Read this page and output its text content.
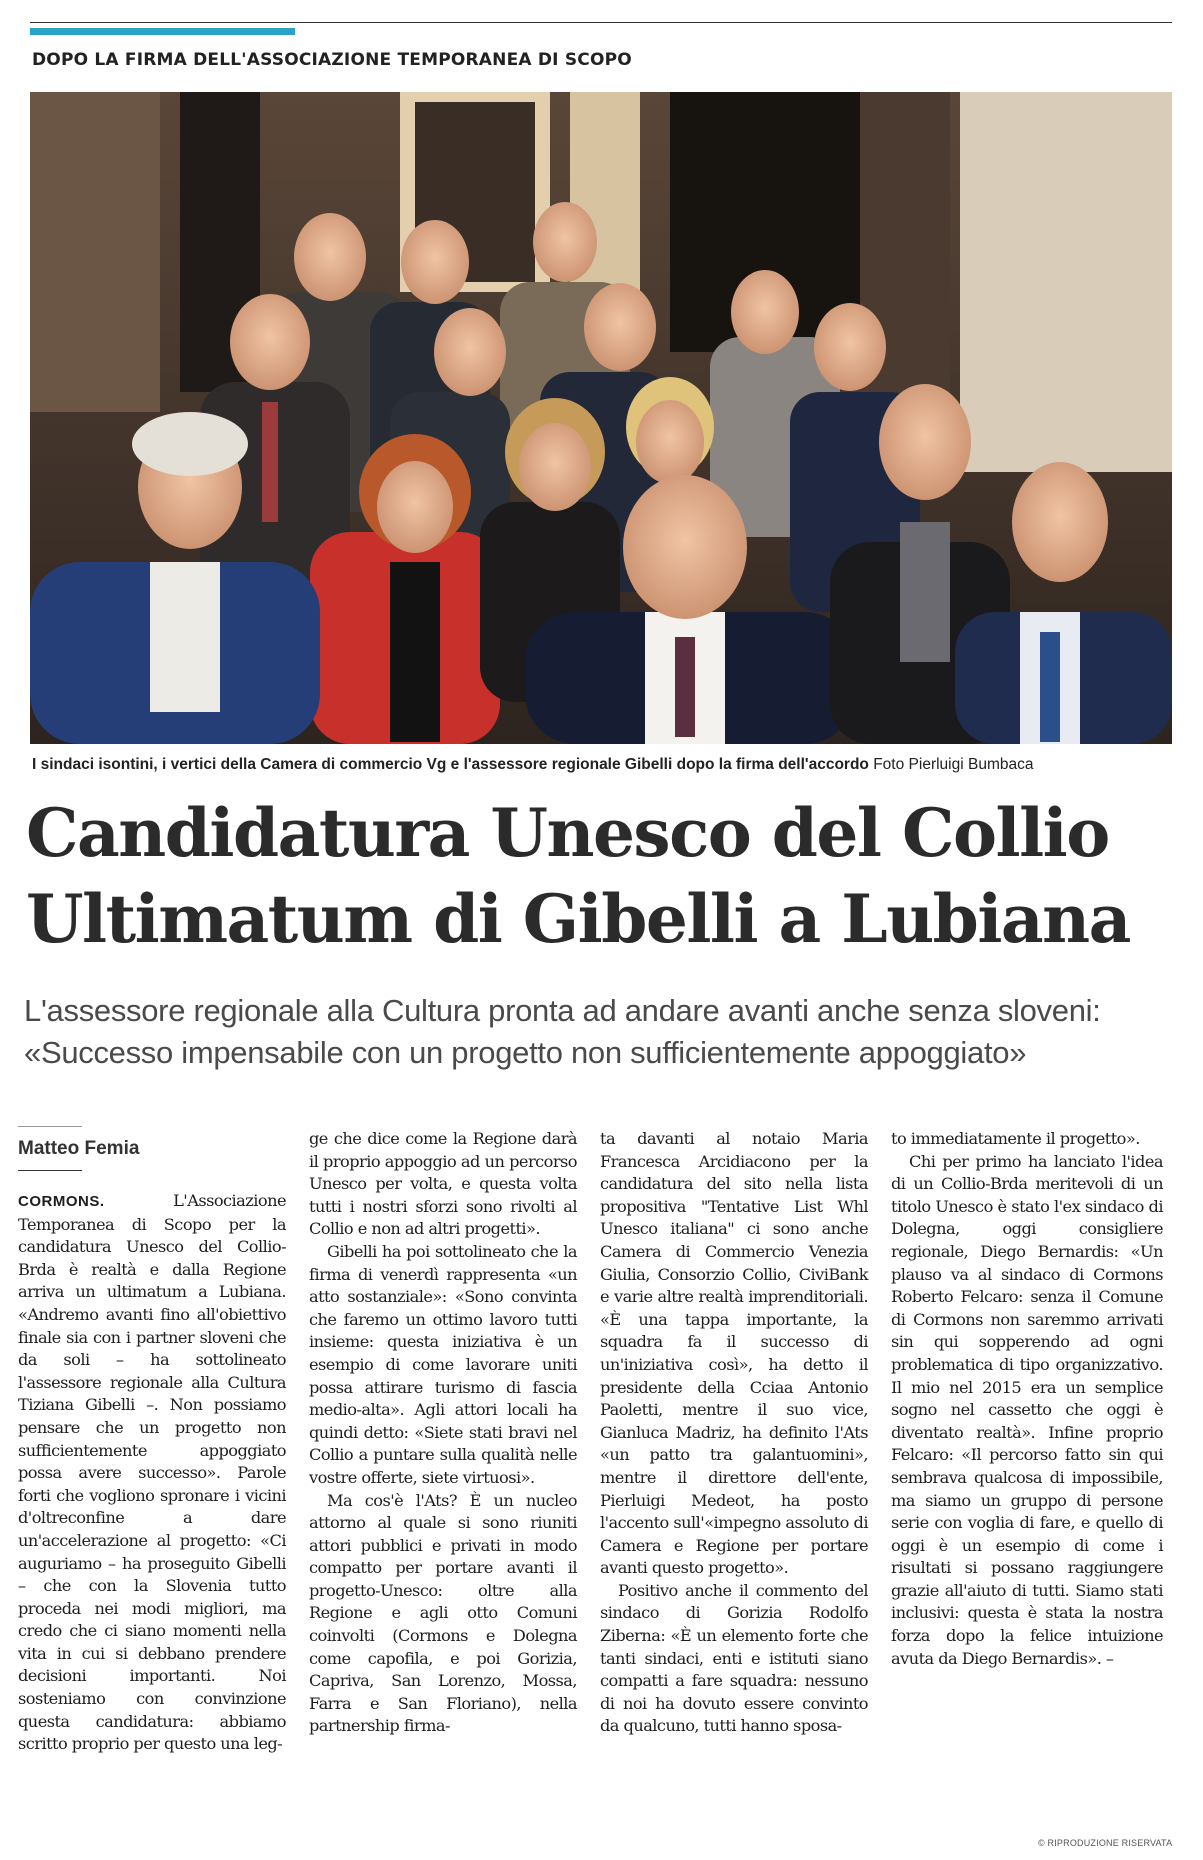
DOPO LA FIRMA DELL'ASSOCIAZIONE TEMPORANEA DI SCOPO
I sindaci isontini, i vertici della Camera di commercio Vg e l'assessore regionale Gibelli dopo la firma dell'accordo Foto Pierluigi Bumbaca
Candidatura Unesco del Collio
Ultimatum di Gibelli a Lubiana
L'assessore regionale alla Cultura pronta ad andare avanti anche senza sloveni:
«Successo impensabile con un progetto non sufficientemente appoggiato»
Matteo Femia

CORMONS.	L'Associazione Temporanea di Scopo per la candidatura Unesco del Collio-Brda è realtà e dalla Regione arriva un ultimatum a Lubiana. «Andremo avanti fino all'obiettivo finale sia con i partner sloveni che da soli – ha sottolineato l'assessore regionale alla Cultura Tiziana Gibelli –. Non possiamo pensare che un progetto non sufficientemente appoggiato possa avere successo». Parole forti che vogliono spronare i vicini d'oltreconfine a dare un'accelerazione al progetto: «Ci auguriamo – ha proseguito Gibelli – che con la Slovenia tutto proceda nei modi migliori, ma credo che ci siano momenti nella vita in cui si debbano prendere decisioni importanti. Noi sosteniamo con convinzione questa candidatura: abbiamo scritto proprio per questo una leg-

ge che dice come la Regione darà il proprio appoggio ad un percorso Unesco per volta, e questa volta tutti i nostri sforzi sono rivolti al Collio e non ad altri progetti».

Gibelli ha poi sottolineato che la firma di venerdì rappresenta «un atto sostanziale»: «Sono convinta che faremo un ottimo lavoro tutti insieme: questa iniziativa è un esempio di come lavorare uniti possa attirare turismo di fascia medio-alta». Agli attori locali ha quindi detto: «Siete stati bravi nel Collio a puntare sulla qualità nelle vostre offerte, siete virtuosi».

Ma cos'è l'Ats? È un nucleo attorno al quale si sono riuniti attori pubblici e privati in modo compatto per portare avanti il progetto-Unesco: oltre alla Regione e agli otto Comuni coinvolti (Cormons e Dolegna come capofila, e poi Gorizia, Capriva, San Lorenzo, Mossa, Farra e San Floriano), nella partnership firma-

ta davanti al notaio Maria Francesca Arcidiacono per la candidatura del sito nella lista propositiva "Tentative List Whl Unesco italiana" ci sono anche Camera di Commercio Venezia Giulia, Consorzio Collio, CiviBank e varie altre realtà imprenditoriali. «È una tappa importante, la squadra fa il successo di un'iniziativa così», ha detto il presidente della Cciaa Antonio Paoletti, mentre il suo vice, Gianluca Madriz, ha definito l'Ats «un patto tra galantuomini», mentre il direttore dell'ente, Pierluigi Medeot, ha posto l'accento sull'«impegno assoluto di Camera e Regione per portare avanti questo progetto».

Positivo anche il commento del sindaco di Gorizia Rodolfo Ziberna: «È un elemento forte che tanti sindaci, enti e istituti siano compatti a fare squadra: nessuno di noi ha dovuto essere convinto da qualcuno, tutti hanno sposa-

to immediatamente il progetto».

Chi per primo ha lanciato l'idea di un Collio-Brda meritevoli di un titolo Unesco è stato l'ex sindaco di Dolegna, oggi consigliere regionale, Diego Bernardis: «Un plauso va al sindaco di Cormons Roberto Felcaro: senza il Comune di Cormons non saremmo arrivati sin qui sopperendo ad ogni problematica di tipo organizzativo. Il mio nel 2015 era un semplice sogno nel cassetto che oggi è diventato realtà». Infine proprio Felcaro: «Il percorso fatto sin qui sembrava qualcosa di impossibile, ma siamo un gruppo di persone serie con voglia di fare, e quello di oggi è un esempio di come i risultati si possano raggiungere grazie all'aiuto di tutti. Siamo stati inclusivi: questa è stata la nostra forza dopo la felice intuizione avuta da Diego Bernardis». –

© RIPRODUZIONE RISERVATA
